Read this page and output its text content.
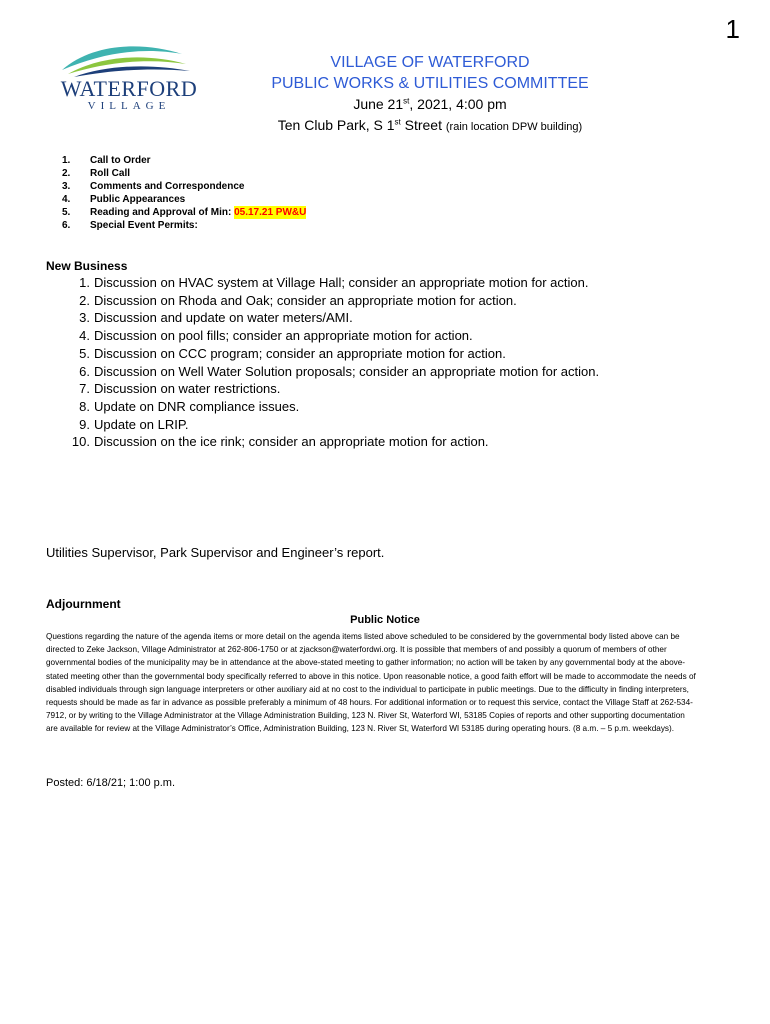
1
WATERFORD
VILLAGE
VILLAGE OF WATERFORD
PUBLIC WORKS & UTILITIES COMMITTEE
June 21st, 2021, 4:00 pm
Ten Club Park, S 1st Street (rain location DPW building)
1.	Call to Order
2.	Roll Call
3.	Comments and Correspondence
4.	Public Appearances
5.	Reading and Approval of Min:
05.17.21 PW&U
6.	Special Event Permits:
New Business
1. Discussion on HVAC system at Village Hall; consider an appropriate motion for action.
2. Discussion on Rhoda and Oak; consider an appropriate motion for action.
3. Discussion and update on water meters/AMI.
4. Discussion on pool fills; consider an appropriate motion for action.
5. Discussion on CCC program; consider an appropriate motion for action.
6. Discussion on Well Water Solution proposals; consider an appropriate motion for action.
7. Discussion on water restrictions.
8. Update on DNR compliance issues.
9. Update on LRIP.
10. Discussion on the ice rink; consider an appropriate motion for action.
Utilities Supervisor, Park Supervisor and Engineer’s report.
Adjournment
Public Notice
Questions regarding the nature of the agenda items or more detail on the agenda items listed above scheduled to be considered by the governmental body listed above can be directed to Zeke Jackson, Village Administrator at 262-806-1750 or at zjackson@waterfordwi.org. It is possible that members of and possibly a quorum of members of other governmental bodies of the municipality may be in attendance at the above-stated meeting to gather information; no action will be taken by any governmental body at the above-stated meeting other than the governmental body specifically referred to above in this notice. Upon reasonable notice, a good faith effort will be made to accommodate the needs of disabled individuals through sign language interpreters or other auxiliary aid at no cost to the individual to participate in public meetings. Due to the difficulty in finding interpreters, requests should be made as far in advance as possible preferably a minimum of 48 hours. For additional information or to request this service, contact the Village Staff at 262-534-7912, or by writing to the Village Administrator at the Village Administration Building, 123 N. River St, Waterford WI, 53185 Copies of reports and other supporting documentation are available for review at the Village Administrator’s Office, Administration Building, 123 N. River St, Waterford WI 53185 during operating hours. (8 a.m. – 5 p.m. weekdays).
Posted: 6/18/21; 1:00 p.m.
